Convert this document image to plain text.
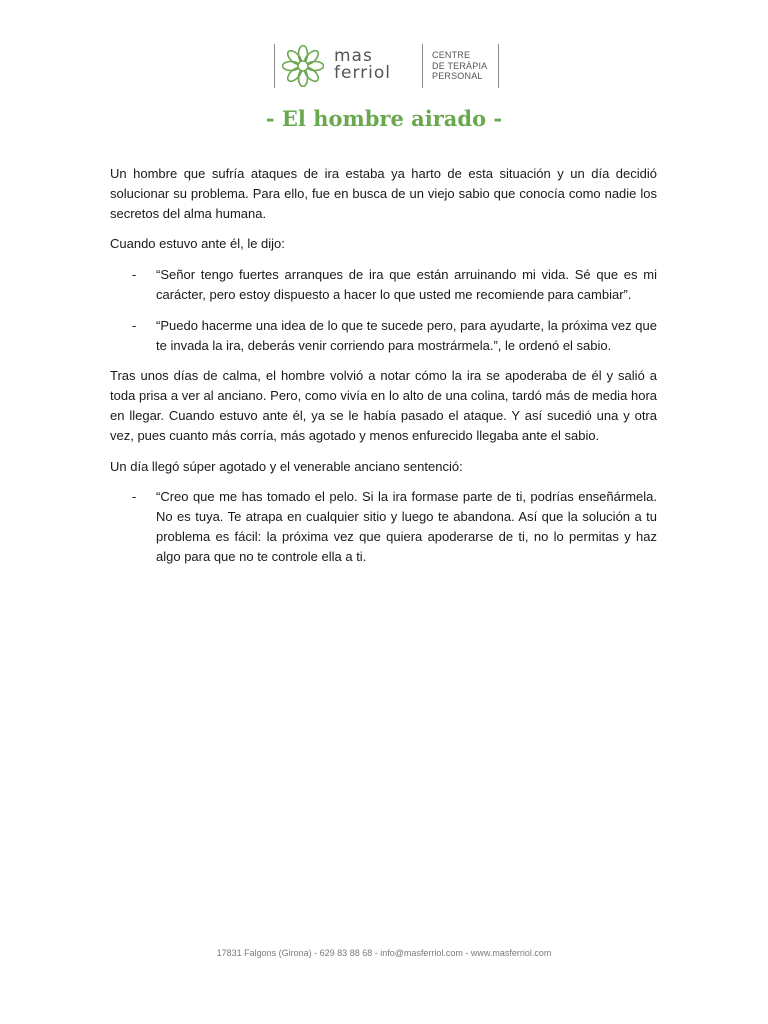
mas
ferriol
CENTRE
DE TERÀPIA
PERSONAL
- El hombre airado -

Un hombre que sufría ataques de ira estaba ya harto de esta situación y un día decidió solucionar su problema. Para ello, fue en busca de un viejo sabio que conocía como nadie los secretos del alma humana.

Cuando estuvo ante él, le dijo:

- “Señor tengo fuertes arranques de ira que están arruinando mi vida. Sé que es mi carácter, pero estoy dispuesto a hacer lo que usted me recomiende para cambiar”.
- “Puedo hacerme una idea de lo que te sucede pero, para ayudarte, la próxima vez que te invada la ira, deberás venir corriendo para mostrármela.”, le ordenó el sabio.

Tras unos días de calma, el hombre volvió a notar cómo la ira se apoderaba de él y salió a toda prisa a ver al anciano. Pero, como vivía en lo alto de una colina, tardó más de media hora en llegar. Cuando estuvo ante él, ya se le había pasado el ataque. Y así sucedió una y otra vez, pues cuanto más corría, más agotado y menos enfurecido llegaba ante el sabio.

Un día llegó súper agotado y el venerable anciano sentenció:

- “Creo que me has tomado el pelo. Si la ira formase parte de ti, podrías enseñármela. No es tuya. Te atrapa en cualquier sitio y luego te abandona. Así que la solución a tu problema es fácil: la próxima vez que quiera apoderarse de ti, no lo permitas y haz algo para que no te controle ella a ti.
17831 Falgons (Girona) - 629 83 88 68 - info@masferriol.com - www.masferriol.com
